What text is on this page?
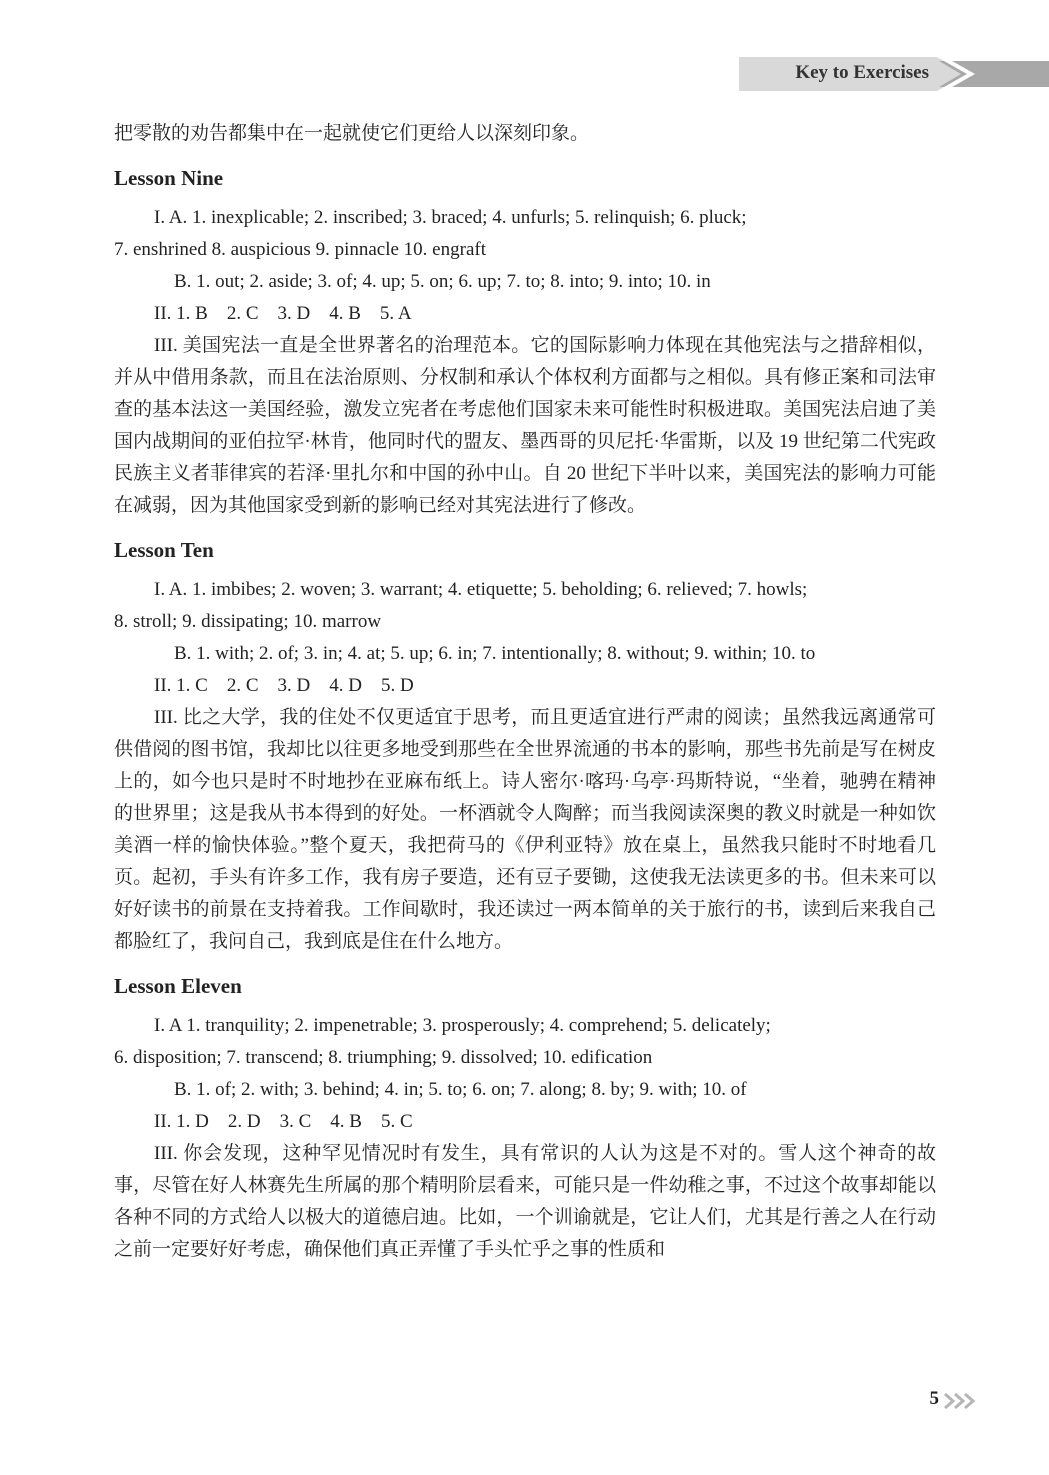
Key to Exercises

把零散的劝告都集中在一起就使它们更给人以深刻印象。

Lesson Nine

I. A. 1. inexplicable; 2. inscribed; 3. braced; 4. unfurls; 5. relinquish; 6. pluck;

7. enshrined 8. auspicious 9. pinnacle 10. engraft

B. 1. out; 2. aside; 3. of; 4. up; 5. on; 6. up; 7. to; 8. into; 9. into; 10. in

II. 1. B    2. C    3. D    4. B    5. A

III. 美国宪法一直是全世界著名的治理范本。它的国际影响力体现在其他宪法与之措辞相似，并从中借用条款，而且在法治原则、分权制和承认个体权利方面都与之相似。具有修正案和司法审查的基本法这一美国经验，激发立宪者在考虑他们国家未来可能性时积极进取。美国宪法启迪了美国内战期间的亚伯拉罕·林肯，他同时代的盟友、墨西哥的贝尼托·华雷斯，以及 19 世纪第二代宪政民族主义者菲律宾的若泽·里扎尔和中国的孙中山。自 20 世纪下半叶以来，美国宪法的影响力可能在减弱，因为其他国家受到新的影响已经对其宪法进行了修改。

Lesson Ten

I. A. 1. imbibes; 2. woven; 3. warrant; 4. etiquette; 5. beholding; 6. relieved; 7. howls;

8. stroll; 9. dissipating; 10. marrow

B. 1. with; 2. of; 3. in; 4. at; 5. up; 6. in; 7. intentionally; 8. without; 9. within; 10. to

II. 1. C    2. C    3. D    4. D    5. D

III. 比之大学，我的住处不仅更适宜于思考，而且更适宜进行严肃的阅读；虽然我远离通常可供借阅的图书馆，我却比以往更多地受到那些在全世界流通的书本的影响，那些书先前是写在树皮上的，如今也只是时不时地抄在亚麻布纸上。诗人密尔·喀玛·乌亭·玛斯特说，“坐着，驰骋在精神的世界里；这是我从书本得到的好处。一杯酒就令人陶醉；而当我阅读深奥的教义时就是一种如饮美酒一样的愉快体验。”整个夏天，我把荷马的《伊利亚特》放在桌上，虽然我只能时不时地看几页。起初，手头有许多工作，我有房子要造，还有豆子要锄，这使我无法读更多的书。但未来可以好好读书的前景在支持着我。工作间歇时，我还读过一两本简单的关于旅行的书，读到后来我自己都脸红了，我问自己，我到底是住在什么地方。

Lesson Eleven

I. A 1. tranquility; 2. impenetrable; 3. prosperously; 4. comprehend; 5. delicately;

6. disposition; 7. transcend; 8. triumphing; 9. dissolved; 10. edification

B. 1. of; 2. with; 3. behind; 4. in; 5. to; 6. on; 7. along; 8. by; 9. with; 10. of

II. 1. D    2. D    3. C    4. B    5. C

III. 你会发现，这种罕见情况时有发生，具有常识的人认为这是不对的。雪人这个神奇的故事，尽管在好人林赛先生所属的那个精明阶层看来，可能只是一件幼稚之事，不过这个故事却能以各种不同的方式给人以极大的道德启迪。比如，一个训谕就是，它让人们，尤其是行善之人在行动之前一定要好好考虑，确保他们真正弄懂了手头忙乎之事的性质和

5
